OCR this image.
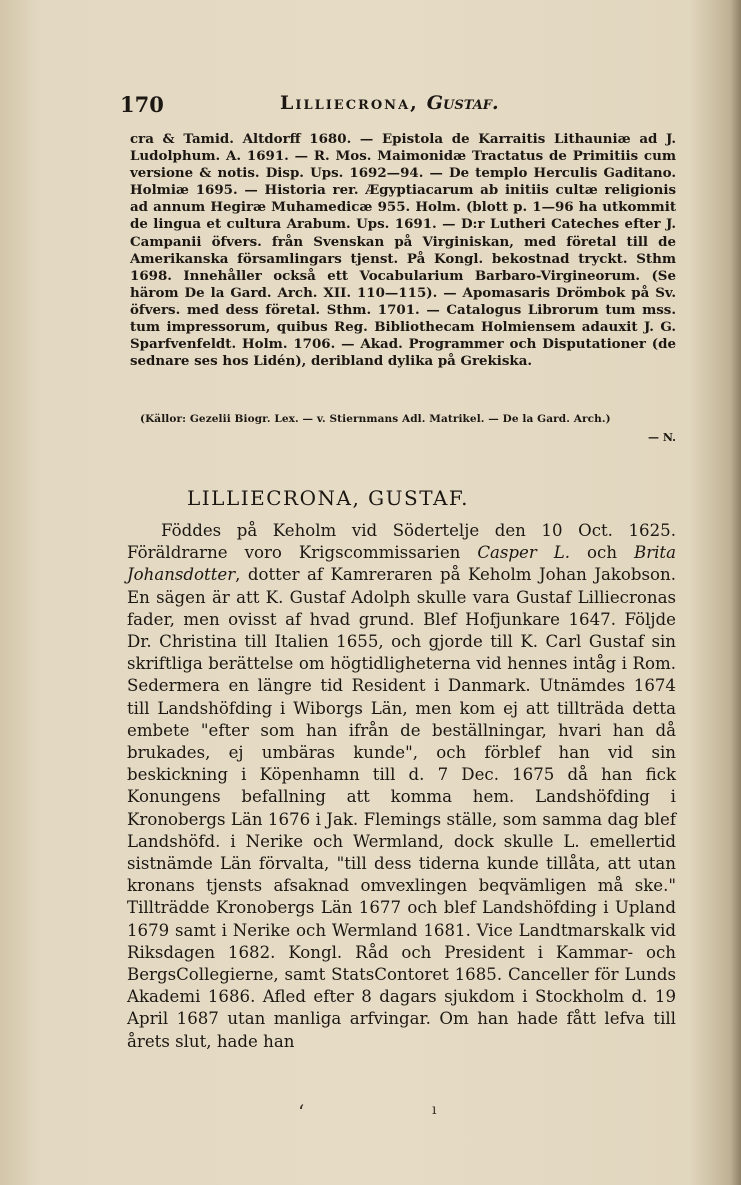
170	Lilliecrona, Gustaf.
cra & Tamid. Altdorff 1680. — Epistola de Karraitis Lithauniæ ad J. Ludolphum. A. 1691. — R. Mos. Maimonidæ Tractatus de Primitiis cum versione & notis. Disp. Ups. 1692—94. — De templo Herculis Gaditano. Holmiæ 1695. — Historia rer. Ægyptiacarum ab initiis cultæ religionis ad annum Hegiræ Muhamedicæ 955. Holm. (blott p. 1—96 ha utkommit de lingua et cultura Arabum. Ups. 1691. — D:r Lutheri Cateches efter J. Campanii öfvers. från Svenskan på Virginiskan, med företal till de Amerikanska församlingars tjenst. På Kongl. bekostnad tryckt. Sthm 1698. Innehåller också ett Vocabularium Barbaro-Virgineorum. (Se härom De la Gard. Arch. XII. 110—115). — Apomasaris Drömbok på Sv. öfvers. med dess företal. Sthm. 1701. — Catalogus Librorum tum mss. tum impressorum, quibus Reg. Bibliothecam Holmiensem adauxit J. G. Sparfvenfeldt. Holm. 1706. — Akad. Programmer och Disputationer (de sednare ses hos Lidén), deribland dylika på Grekiska.
(Källor: Gezelii Biogr. Lex. — v. Stiernmans Adl. Matrikel. — De la Gard. Arch.)
— N.
LILLIECRONA, GUSTAF.
Föddes på Keholm vid Södertelje den 10 Oct. 1625. Föräldrarne voro Krigscommissarien Casper L. och Brita Johansdotter, dotter af Kamreraren på Keholm Johan Jakobson. En sägen är att K. Gustaf Adolph skulle vara Gustaf Lilliecronas fader, men ovisst af hvad grund. Blef Hofjunkare 1647. Följde Dr. Christina till Italien 1655, och gjorde till K. Carl Gustaf sin skriftliga berättelse om högtidligheterna vid hennes intåg i Rom. Sedermera en längre tid Resident i Danmark. Utnämdes 1674 till Landshöfding i Wiborgs Län, men kom ej att tillträda detta embete "efter som han ifrån de beställningar, hvari han då brukades, ej umbäras kunde", och förblef han vid sin beskickning i Köpenhamn till d. 7 Dec. 1675 då han fick Konungens befallning att komma hem. Landshöfding i Kronobergs Län 1676 i Jak. Flemings ställe, som samma dag blef Landshöfd. i Nerike och Wermland, dock skulle L. emellertid sistnämde Län förvalta, "till dess tiderna kunde tillåta, att utan kronans tjensts afsaknad omvexlingen beqvämligen må ske." Tillträdde Kronobergs Län 1677 och blef Landshöfding i Upland 1679 samt i Nerike och Wermland 1681. Vice Landtmarskalk vid Riksdagen 1682. Kongl. Råd och President i Kammar- och BergsCollegierne, samt StatsContoret 1685. Canceller för Lunds Akademi 1686. Afled efter 8 dagars sjukdom i Stockholm d. 19 April 1687 utan manliga arfvingar. Om han hade fått lefva till årets slut, hade han
ʻ	ı
